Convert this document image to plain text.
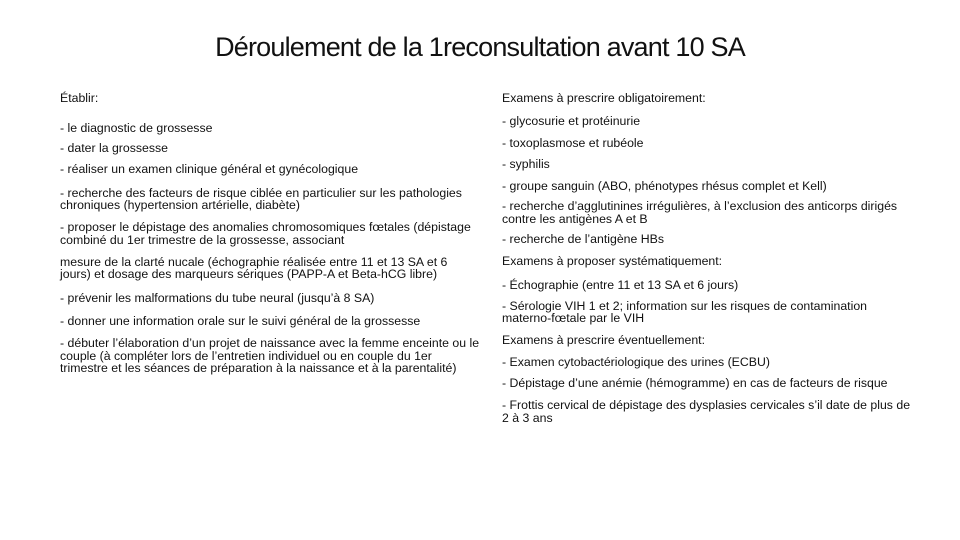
Déroulement de la 1reconsultation avant 10 SA

Établir:

- le diagnostic de grossesse

- dater la grossesse

- réaliser un examen clinique général et gynécologique

- recherche des facteurs de risque ciblée en particulier sur les pathologies chroniques (hypertension artérielle, diabète)

- proposer le dépistage des anomalies chromosomiques fœtales (dépistage combiné du 1er trimestre de la grossesse, associant

mesure de la clarté nucale (échographie réalisée entre 11 et 13 SA et 6 jours) et dosage des marqueurs sériques (PAPP-A et Beta-hCG libre)

- prévenir les malformations du tube neural (jusqu’à 8 SA)

- donner une information orale sur le suivi général de la grossesse

- débuter l’élaboration d’un projet de naissance avec la femme enceinte ou le couple (à compléter lors de l’entretien individuel ou en couple du 1er trimestre et les séances de préparation à la naissance et à la parentalité)

Examens à prescrire obligatoirement:

- glycosurie et protéinurie

- toxoplasmose et rubéole

- syphilis

- groupe sanguin (ABO, phénotypes rhésus complet et Kell)

- recherche d’agglutinines irrégulières, à l’exclusion des anticorps dirigés contre les antigènes A et B

- recherche de l’antigène HBs

Examens à proposer systématiquement:

- Échographie (entre 11 et 13 SA et 6 jours)

- Sérologie VIH 1 et 2; information sur les risques de contamination materno-fœtale par le VIH

Examens à prescrire éventuellement:

- Examen cytobactériologique des urines (ECBU)

- Dépistage d’une anémie (hémogramme) en cas de facteurs de risque

- Frottis cervical de dépistage des dysplasies cervicales s’il date de plus de 2 à 3 ans
